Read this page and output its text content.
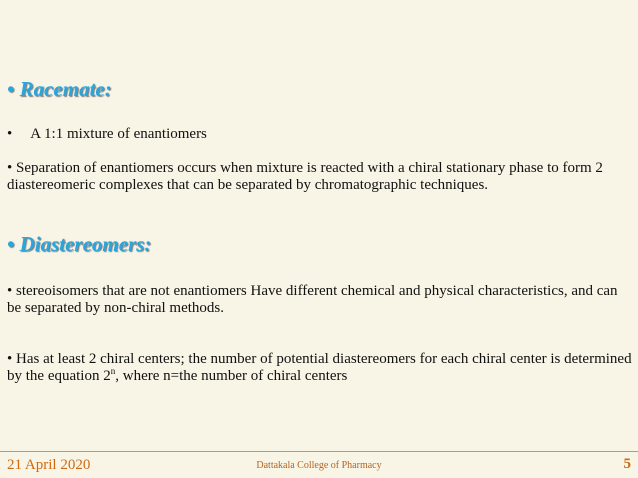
• Racemate:
• A 1:1 mixture of enantiomers
• Separation of enantiomers occurs when mixture is reacted with a chiral stationary phase to form 2 diastereomeric complexes that can be separated by chromatographic techniques.
• Diastereomers:
• stereoisomers that are not enantiomers Have different chemical and physical characteristics, and can be separated by non-chiral methods.
• Has at least 2 chiral centers; the number of potential diastereomers for each chiral center is determined by the equation 2$^n$, where n=the number of chiral centers
21 April 2020	Dattakala College of Pharmacy	5
